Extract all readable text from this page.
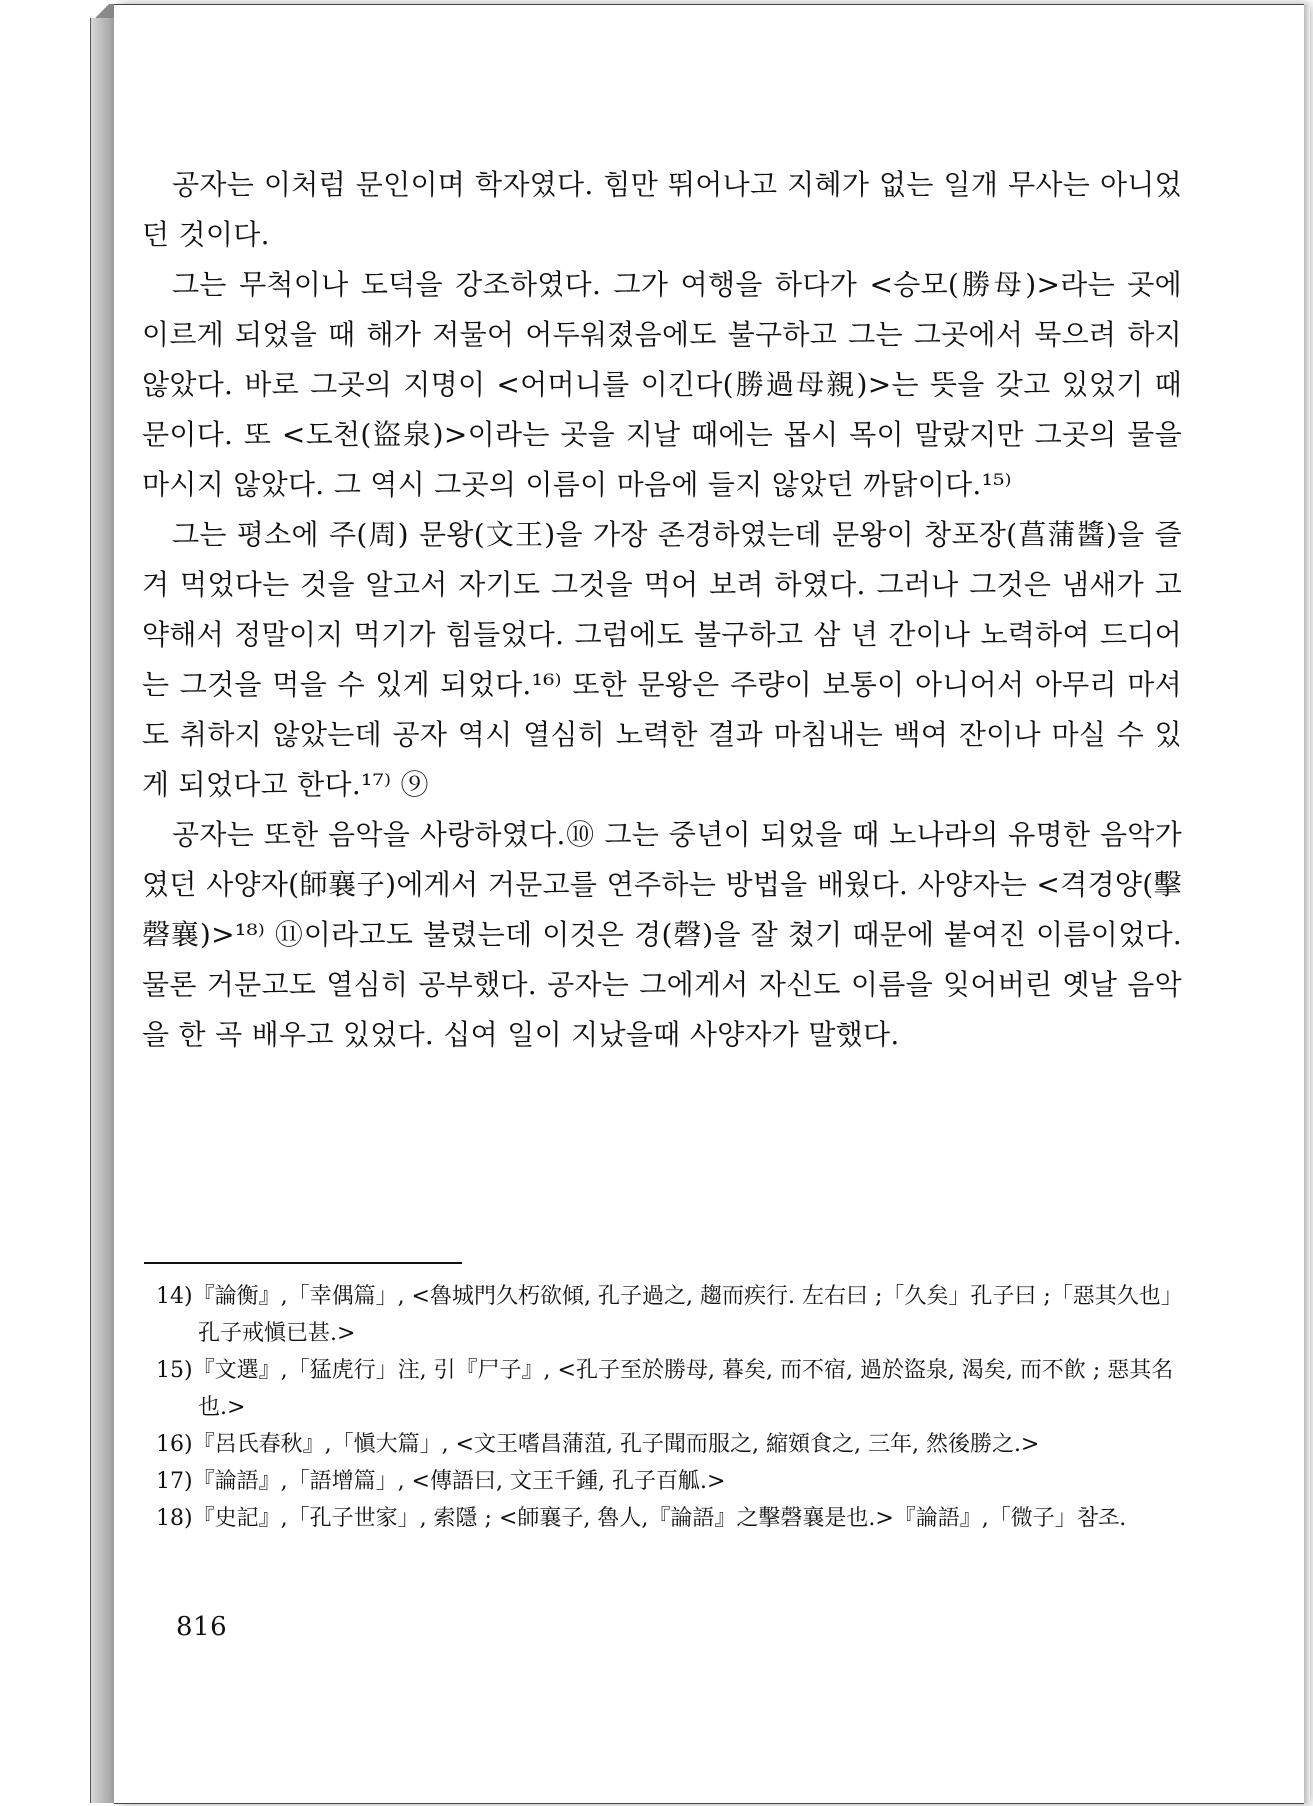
공자는 이처럼 문인이며 학자였다. 힘만 뛰어나고 지혜가 없는 일개 무사는 아니었던 것이다.

그는 무척이나 도덕을 강조하였다. 그가 여행을 하다가 <승모(勝母)>라는 곳에 이르게 되었을 때 해가 저물어 어두워졌음에도 불구하고 그는 그곳에서 묵으려 하지 않았다. 바로 그곳의 지명이 <어머니를 이긴다(勝過母親)>는 뜻을 갖고 있었기 때문이다. 또 <도천(盜泉)>이라는 곳을 지날 때에는 몹시 목이 말랐지만 그곳의 물을 마시지 않았다. 그 역시 그곳의 이름이 마음에 들지 않았던 까닭이다.¹⁵⁾

그는 평소에 주(周) 문왕(文王)을 가장 존경하였는데 문왕이 창포장(菖蒲醬)을 즐겨 먹었다는 것을 알고서 자기도 그것을 먹어 보려 하였다. 그러나 그것은 냄새가 고약해서 정말이지 먹기가 힘들었다. 그럼에도 불구하고 삼 년 간이나 노력하여 드디어는 그것을 먹을 수 있게 되었다.¹⁶⁾ 또한 문왕은 주량이 보통이 아니어서 아무리 마셔도 취하지 않았는데 공자 역시 열심히 노력한 결과 마침내는 백여 잔이나 마실 수 있게 되었다고 한다.¹⁷⁾ ⑨

공자는 또한 음악을 사랑하였다.⑩ 그는 중년이 되었을 때 노나라의 유명한 음악가였던 사양자(師襄子)에게서 거문고를 연주하는 방법을 배웠다. 사양자는 <격경양(擊磬襄)>¹⁸⁾ ⑪이라고도 불렸는데 이것은 경(磬)을 잘 쳤기 때문에 붙여진 이름이었다. 물론 거문고도 열심히 공부했다. 공자는 그에게서 자신도 이름을 잊어버린 옛날 음악을 한 곡 배우고 있었다. 십여 일이 지났을때 사양자가 말했다.

14)『論衡』,「幸偶篇」, <魯城門久朽欲傾, 孔子過之, 趨而疾行. 左右曰 ;「久矣」孔子曰 ;「惡其久也」孔子戒愼已甚.>

15)『文選』,「猛虎行」注, 引『尸子』, <孔子至於勝母, 暮矣, 而不宿, 過於盜泉, 渴矣, 而不飮 ; 惡其名也.>

16)『呂氏春秋』,「愼大篇」, <文王嗜昌蒲菹, 孔子聞而服之, 縮頞食之, 三年, 然後勝之.>

17)『論語』,「語增篇」, <傳語曰, 文王千鍾, 孔子百觚.>

18)『史記』,「孔子世家」, 索隱 ; <師襄子, 魯人,『論語』之擊磬襄是也.>『論語』,「微子」참조.

816
